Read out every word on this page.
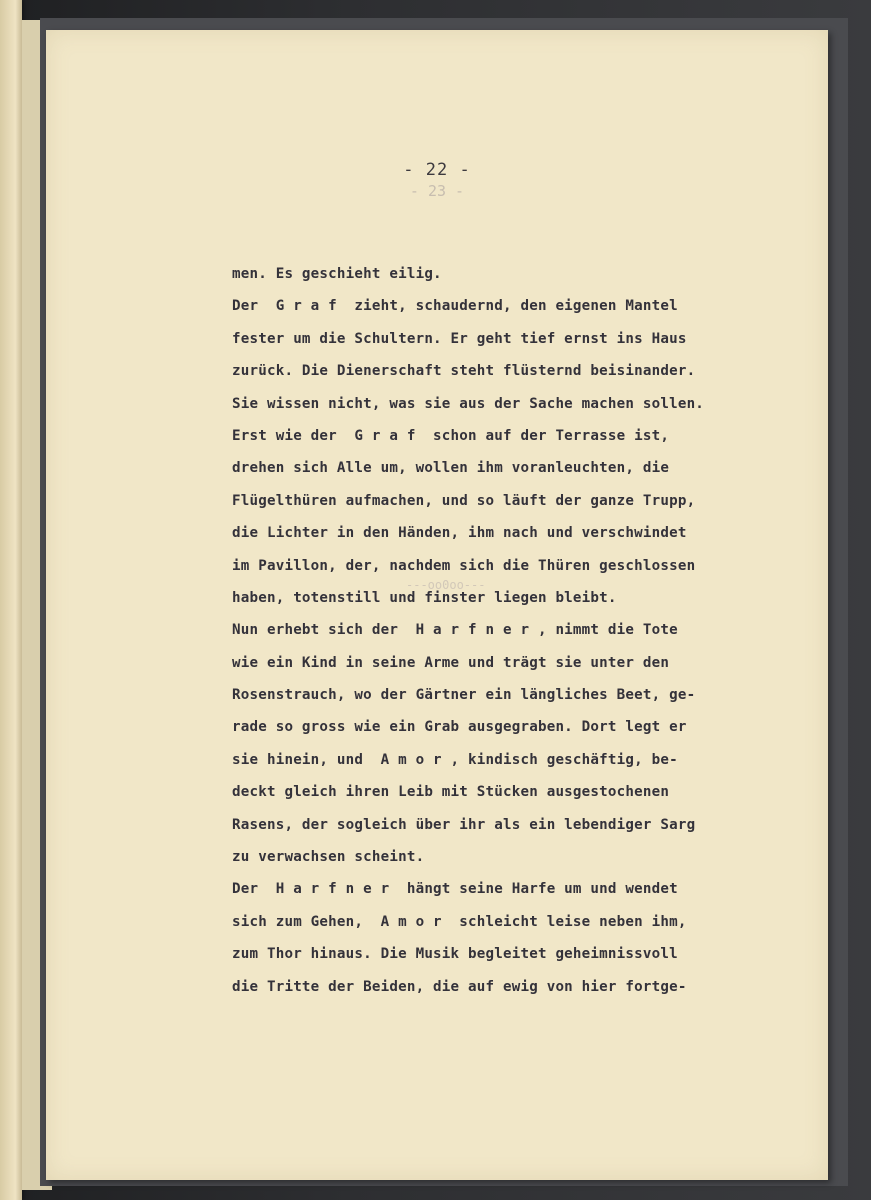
- 22 -
- 23 -
---oo0oo---
men. Es geschieht eilig.
Der  G r a f  zieht, schaudernd, den eigenen Mantel
fester um die Schultern. Er geht tief ernst ins Haus
zurück. Die Dienerschaft steht flüsternd beisinander.
Sie wissen nicht, was sie aus der Sache machen sollen.
Erst wie der  G r a f  schon auf der Terrasse ist,
drehen sich Alle um, wollen ihm voranleuchten, die
Flügelthüren aufmachen, und so läuft der ganze Trupp,
die Lichter in den Händen, ihm nach und verschwindet
im Pavillon, der, nachdem sich die Thüren geschlossen
haben, totenstill und finster liegen bleibt.
Nun erhebt sich der  H a r f n e r , nimmt die Tote
wie ein Kind in seine Arme und trägt sie unter den
Rosenstrauch, wo der Gärtner ein längliches Beet, ge-
rade so gross wie ein Grab ausgegraben. Dort legt er
sie hinein, und  A m o r , kindisch geschäftig, be-
deckt gleich ihren Leib mit Stücken ausgestochenen
Rasens, der sogleich über ihr als ein lebendiger Sarg
zu verwachsen scheint.
Der  H a r f n e r  hängt seine Harfe um und wendet
sich zum Gehen,  A m o r  schleicht leise neben ihm,
zum Thor hinaus. Die Musik begleitet geheimnissvoll
die Tritte der Beiden, die auf ewig von hier fortge-
